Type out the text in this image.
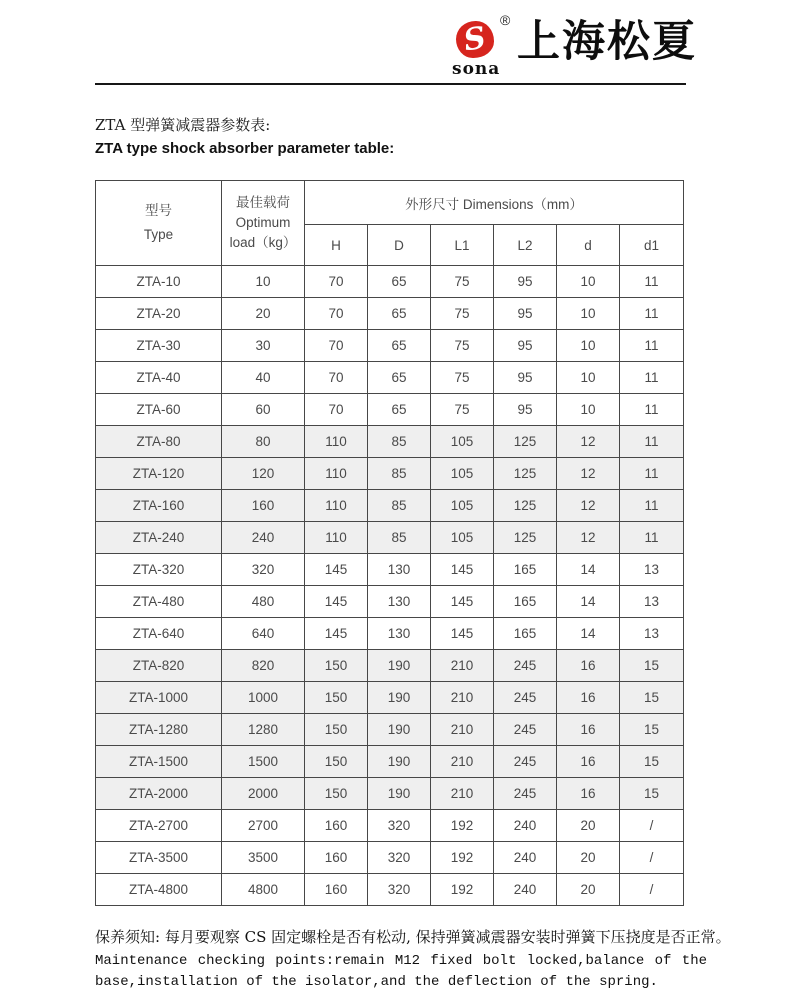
S ®
sona
上海松夏
ZTA 型弹簧减震器参数表:
ZTA type shock absorber parameter table:
型号
Type	最佳载荷
Optimum
load（kg）	外形尺寸 Dimensions（mm）					
		H	D	L1	L2	d	d1
ZTA-10	10	70	65	75	95	10	11
ZTA-20	20	70	65	75	95	10	11
ZTA-30	30	70	65	75	95	10	11
ZTA-40	40	70	65	75	95	10	11
ZTA-60	60	70	65	75	95	10	11
ZTA-80	80	110	85	105	125	12	11
ZTA-120	120	110	85	105	125	12	11
ZTA-160	160	110	85	105	125	12	11
ZTA-240	240	110	85	105	125	12	11
ZTA-320	320	145	130	145	165	14	13
ZTA-480	480	145	130	145	165	14	13
ZTA-640	640	145	130	145	165	14	13
ZTA-820	820	150	190	210	245	16	15
ZTA-1000	1000	150	190	210	245	16	15
ZTA-1280	1280	150	190	210	245	16	15
ZTA-1500	1500	150	190	210	245	16	15
ZTA-2000	2000	150	190	210	245	16	15
ZTA-2700	2700	160	320	192	240	20	/
ZTA-3500	3500	160	320	192	240	20	/
ZTA-4800	4800	160	320	192	240	20	/
保养须知: 每月要观察 CS 固定螺栓是否有松动, 保持弹簧减震器安装时弹簧下压挠度是否正常。
Maintenance checking points:remain M12 fixed bolt locked,balance of the base,installation of the isolator,and the deflection of the spring.
